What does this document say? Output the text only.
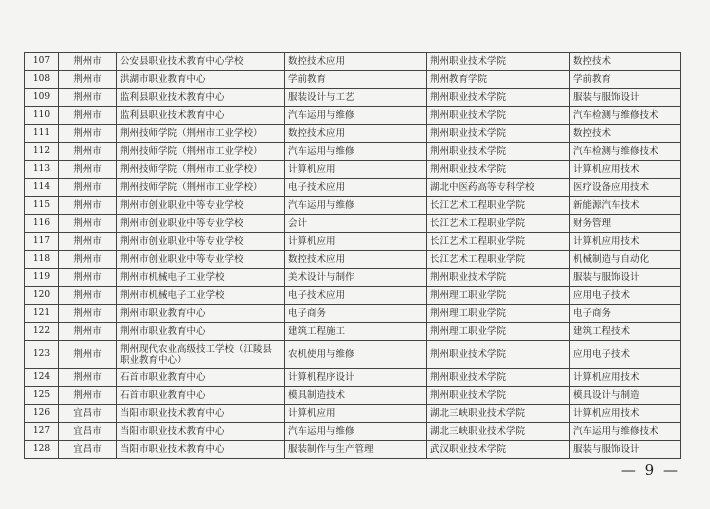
107	荆州市	公安县职业技术教育中心学校	数控技术应用	荆州职业技术学院	数控技术
108	荆州市	洪湖市职业教育中心	学前教育	荆州教育学院	学前教育
109	荆州市	监利县职业技术教育中心	服装设计与工艺	荆州职业技术学院	服装与服饰设计
110	荆州市	监利县职业技术教育中心	汽车运用与维修	荆州职业技术学院	汽车检测与维修技术
111	荆州市	荆州技师学院（荆州市工业学校）	数控技术应用	荆州职业技术学院	数控技术
112	荆州市	荆州技师学院（荆州市工业学校）	汽车运用与维修	荆州职业技术学院	汽车检测与维修技术
113	荆州市	荆州技师学院（荆州市工业学校）	计算机应用	荆州职业技术学院	计算机应用技术
114	荆州市	荆州技师学院（荆州市工业学校）	电子技术应用	湖北中医药高等专科学校	医疗设备应用技术
115	荆州市	荆州市创业职业中等专业学校	汽车运用与维修	长江艺术工程职业学院	新能源汽车技术
116	荆州市	荆州市创业职业中等专业学校	会计	长江艺术工程职业学院	财务管理
117	荆州市	荆州市创业职业中等专业学校	计算机应用	长江艺术工程职业学院	计算机应用技术
118	荆州市	荆州市创业职业中等专业学校	数控技术应用	长江艺术工程职业学院	机械制造与自动化
119	荆州市	荆州市机械电子工业学校	美术设计与制作	荆州职业技术学院	服装与服饰设计
120	荆州市	荆州市机械电子工业学校	电子技术应用	荆州理工职业学院	应用电子技术
121	荆州市	荆州市职业教育中心	电子商务	荆州理工职业学院	电子商务
122	荆州市	荆州市职业教育中心	建筑工程施工	荆州理工职业学院	建筑工程技术
123	荆州市	荆州现代农业高级技工学校（江陵县职业教育中心）	农机使用与维修	荆州职业技术学院	应用电子技术
124	荆州市	石首市职业教育中心	计算机程序设计	荆州职业技术学院	计算机应用技术
125	荆州市	石首市职业教育中心	模具制造技术	荆州职业技术学院	模具设计与制造
126	宜昌市	当阳市职业技术教育中心	计算机应用	湖北三峡职业技术学院	计算机应用技术
127	宜昌市	当阳市职业技术教育中心	汽车运用与维修	湖北三峡职业技术学院	汽车运用与维修技术
128	宜昌市	当阳市职业技术教育中心	服装制作与生产管理	武汉职业技术学院	服装与服饰设计
— 9 —
